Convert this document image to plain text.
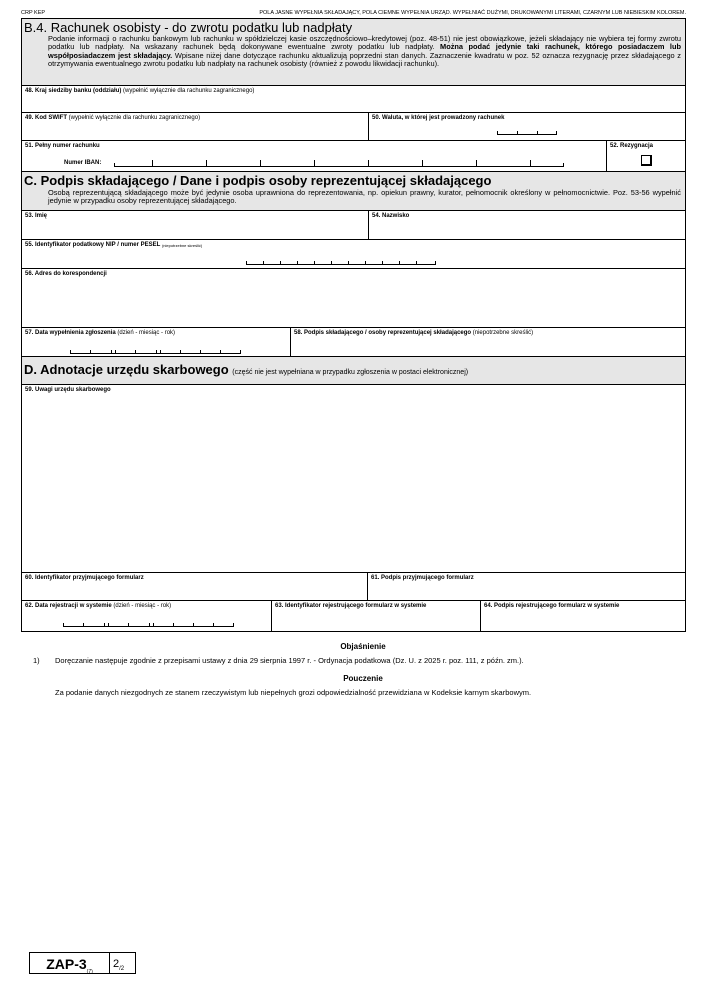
CRP KEP	POLA JASNE WYPEŁNIA SKŁADAJĄCY, POLA CIEMNE WYPEŁNIA URZĄD. WYPEŁNIAĆ DUŻYMI, DRUKOWANYMI LITERAMI, CZARNYM LUB NIEBIESKIM KOLOREM.
B.4. Rachunek osobisty - do zwrotu podatku lub nadpłaty
Podanie informacji o rachunku bankowym lub rachunku w spółdzielczej kasie oszczędnościowo–kredytowej (poz. 48-51) nie jest obowiązkowe, jeżeli składający nie wybiera tej formy zwrotu podatku lub nadpłaty. Na wskazany rachunek będą dokonywane ewentualne zwroty podatku lub nadpłaty. Można podać jedynie taki rachunek, którego posiadaczem lub współposiadaczem jest składający. Wpisane niżej dane dotyczące rachunku aktualizują poprzedni stan danych. Zaznaczenie kwadratu w poz. 52 oznacza rezygnację przez składającego z otrzymywania ewentualnego zwrotu podatku lub nadpłaty na rachunek osobisty (również z powodu likwidacji rachunku).
48. Kraj siedziby banku (oddziału) (wypełnić wyłącznie dla rachunku zagranicznego)
49. Kod SWIFT (wypełnić wyłącznie dla rachunku zagranicznego)	50. Waluta, w której jest prowadzony rachunek
51. Pełny numer rachunku
Numer IBAN:
52. Rezygnacja
C. Podpis składającego / Dane i podpis osoby reprezentującej składającego
Osobą reprezentującą składającego może być jedynie osoba uprawniona do reprezentowania, np. opiekun prawny, kurator, pełnomocnik określony w pełnomocnictwie. Poz. 53-56 wypełnić jedynie w przypadku osoby reprezentującej składającego.
53. Imię	54. Nazwisko
55. Identyfikator podatkowy NIP / numer PESEL $^{(niepotrzebne skreślić)}$
56. Adres do korespondencji
57. Data wypełnienia zgłoszenia (dzień - miesiąc - rok)	58. Podpis składającego / osoby reprezentującej składającego (niepotrzebne skreślić)
D. Adnotacje urzędu skarbowego (część nie jest wypełniana w przypadku zgłoszenia w postaci elektronicznej)
59. Uwagi urzędu skarbowego
60. Identyfikator przyjmującego formularz	61. Podpis przyjmującego formularz
62. Data rejestracji w systemie (dzień - miesiąc - rok)	63. Identyfikator rejestrującego formularz w systemie	64. Podpis rejestrującego formularz w systemie
Objaśnienie
1) Doręczanie następuje zgodnie z przepisami ustawy z dnia 29 sierpnia 1997 r. - Ordynacja podatkowa (Dz. U. z 2025 r. poz. 111, z późn. zm.).
Pouczenie
Za podanie danych niezgodnych ze stanem rzeczywistym lub niepełnych grozi odpowiedzialność przewidziana w Kodeksie karnym skarbowym.
ZAP-$3_{(7)}$
$2_{/2}$
